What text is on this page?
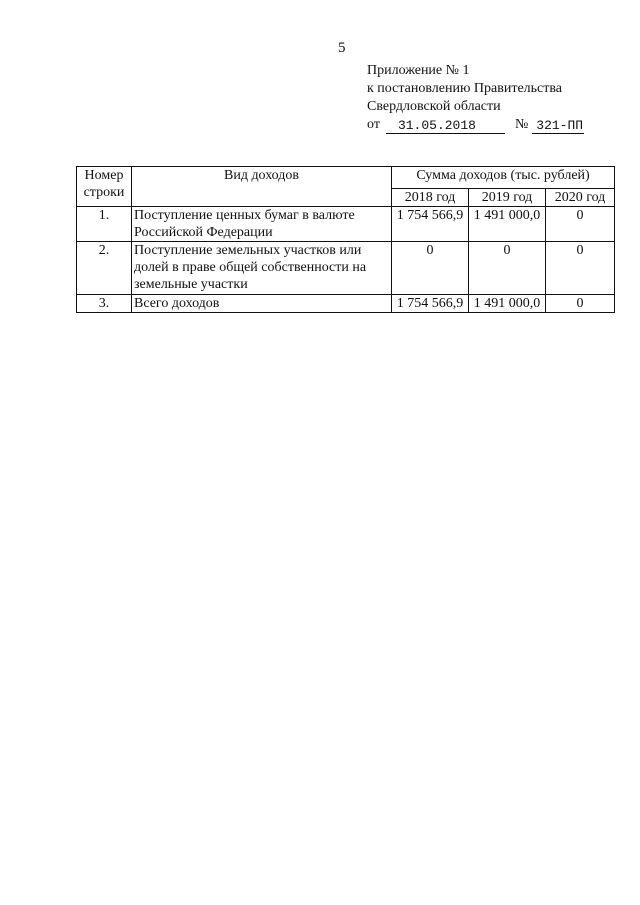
5
Приложение № 1
к постановлению Правительства
Свердловской области
от	31.05.2018	№ 321-ПП
Номер строки	Вид доходов	Сумма доходов (тыс. рублей)		
		2018 год	2019 год	2020 год
1.	Поступление ценных бумаг в валюте Российской Федерации	1 754 566,9	1 491 000,0	0
2.	Поступление земельных участков или долей в праве общей собственности на земельные участки	0	0	0
3.	Всего доходов	1 754 566,9	1 491 000,0	0
